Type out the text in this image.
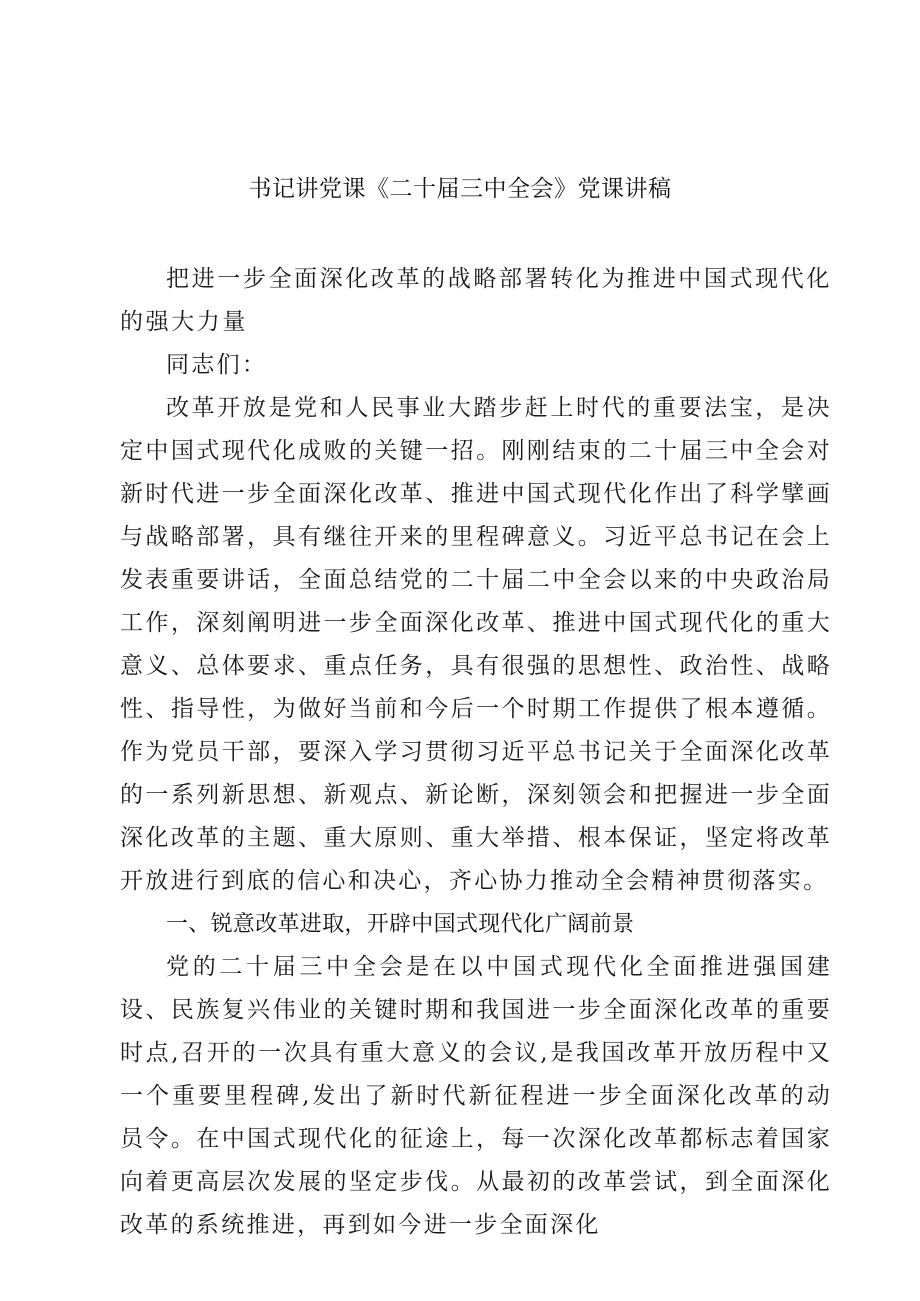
书记讲党课《二十届三中全会》党课讲稿

把进一步全面深化改革的战略部署转化为推进中国式现代化的强大力量

同志们：

改革开放是党和人民事业大踏步赶上时代的重要法宝，是决定中国式现代化成败的关键一招。刚刚结束的二十届三中全会对新时代进一步全面深化改革、推进中国式现代化作出了科学擘画与战略部署，具有继往开来的里程碑意义。习近平总书记在会上发表重要讲话，全面总结党的二十届二中全会以来的中央政治局工作，深刻阐明进一步全面深化改革、推进中国式现代化的重大意义、总体要求、重点任务，具有很强的思想性、政治性、战略性、指导性，为做好当前和今后一个时期工作提供了根本遵循。作为党员干部，要深入学习贯彻习近平总书记关于全面深化改革的一系列新思想、新观点、新论断，深刻领会和把握进一步全面深化改革的主题、重大原则、重大举措、根本保证，坚定将改革开放进行到底的信心和决心，齐心协力推动全会精神贯彻落实。

一、锐意改革进取，开辟中国式现代化广阔前景

党的二十届三中全会是在以中国式现代化全面推进强国建设、民族复兴伟业的关键时期和我国进一步全面深化改革的重要时点,召开的一次具有重大意义的会议,是我国改革开放历程中又一个重要里程碑,发出了新时代新征程进一步全面深化改革的动员令。在中国式现代化的征途上，每一次深化改革都标志着国家向着更高层次发展的坚定步伐。从最初的改革尝试，到全面深化改革的系统推进，再到如今进一步全面深化
